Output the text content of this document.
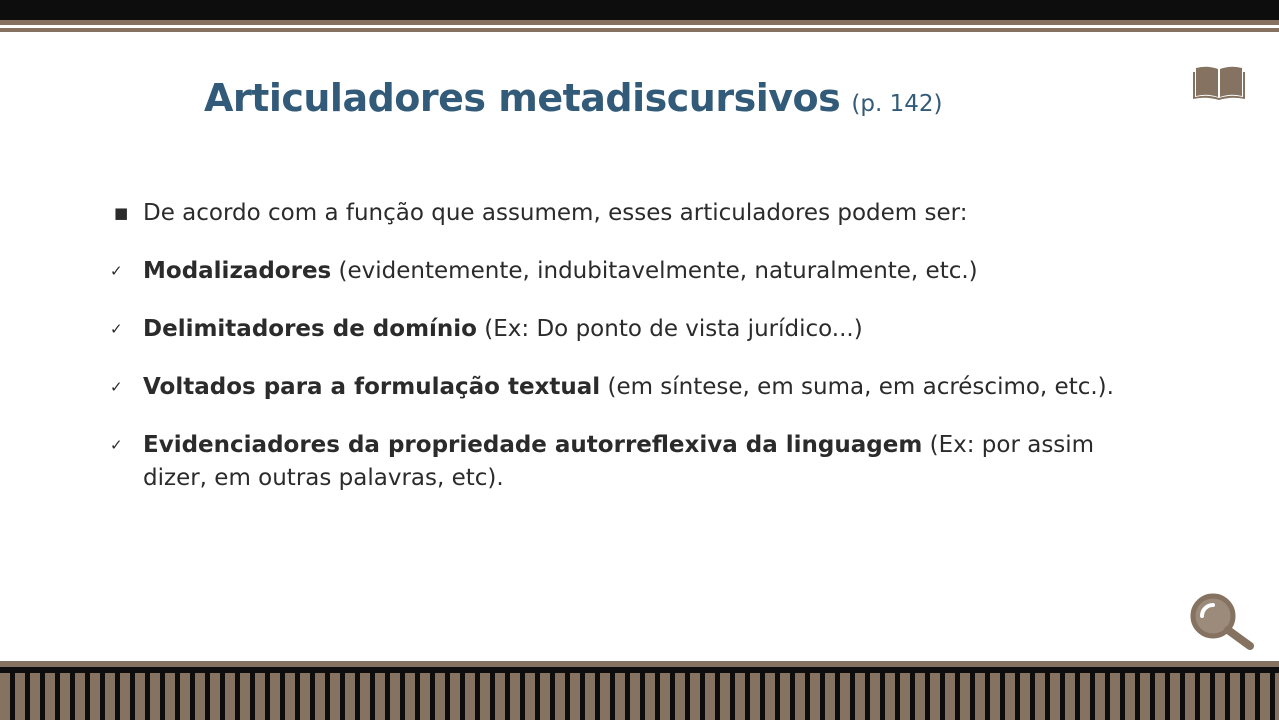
Articuladores metadiscursivos (p. 142)

■ De acordo com a função que assumem, esses articuladores podem ser:

✓ Modalizadores (evidentemente, indubitavelmente, naturalmente, etc.)

✓ Delimitadores de domínio (Ex: Do ponto de vista jurídico...)

✓ Voltados para a formulação textual (em síntese, em suma, em acréscimo, etc.).

✓ Evidenciadores da propriedade autorreflexiva da linguagem (Ex: por assim dizer, em outras palavras, etc).
